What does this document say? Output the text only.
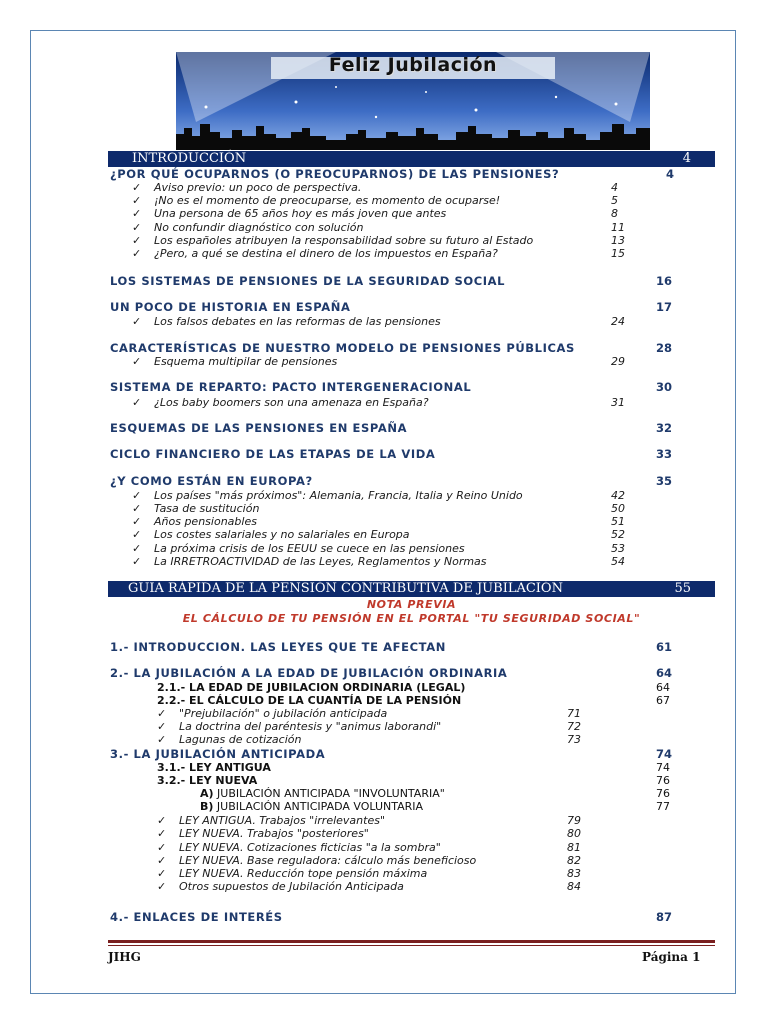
Feliz Jubilación
INTRODUCCIÓN	4
¿POR QUÉ OCUPARNOS (O PREOCUPARNOS) DE LAS PENSIONES?	4
✓ Aviso previo: un poco de perspectiva.	4
✓ ¡No es el momento de preocuparse, es momento de ocuparse!	5
✓ Una persona de 65 años hoy es más joven que antes	8
✓ No confundir diagnóstico con solución	11
✓ Los españoles atribuyen la responsabilidad sobre su futuro al Estado	13
✓ ¿Pero, a qué se destina el dinero de los impuestos en España?	15
LOS SISTEMAS DE PENSIONES DE LA SEGURIDAD SOCIAL	16
UN POCO DE HISTORIA EN ESPAÑA	17
✓ Los falsos debates en las reformas de las pensiones	24
CARACTERÍSTICAS DE NUESTRO MODELO DE PENSIONES PÚBLICAS	28
✓ Esquema multipilar de pensiones	29
SISTEMA DE REPARTO: PACTO INTERGENERACIONAL	30
✓ ¿Los baby boomers son una amenaza en España?	31
ESQUEMAS DE LAS PENSIONES EN ESPAÑA	32
CICLO FINANCIERO DE LAS ETAPAS DE LA VIDA	33
¿Y COMO ESTÁN EN EUROPA?	35
✓ Los países "más próximos": Alemania, Francia, Italia y Reino Unido	42
✓ Tasa de sustitución	50
✓ Años pensionables	51
✓ Los costes salariales y no salariales en Europa	52
✓ La próxima crisis de los EEUU se cuece en las pensiones	53
✓ La IRRETROACTIVIDAD de las Leyes, Reglamentos y Normas	54
GUIA RÁPIDA DE LA PENSIÓN CONTRIBUTIVA DE JUBILACIÓN	55
NOTA PREVIA
EL CÁLCULO DE TU PENSIÓN EN EL PORTAL "TU SEGURIDAD SOCIAL"
1.- INTRODUCCION. LAS LEYES QUE TE AFECTAN	61
2.- LA JUBILACIÓN A LA EDAD DE JUBILACIÓN ORDINARIA	64
2.1.- LA EDAD DE JUBILACION ORDINARIA (LEGAL)	64
2.2.- EL CÁLCULO DE LA CUANTÍA DE LA PENSIÓN	67
✓ "Prejubilación" o jubilación anticipada	71
✓ La doctrina del paréntesis y "animus laborandi"	72
✓ Lagunas de cotización	73
3.- LA JUBILACIÓN ANTICIPADA	74
3.1.- LEY ANTIGUA	74
3.2.- LEY NUEVA	76
A) JUBILACIÓN ANTICIPADA "INVOLUNTARIA"	76
B) JUBILACIÓN ANTICIPADA VOLUNTARIA	77
✓ LEY ANTIGUA. Trabajos "irrelevantes"	79
✓ LEY NUEVA. Trabajos "posteriores"	80
✓ LEY NUEVA. Cotizaciones ficticias "a la sombra"	81
✓ LEY NUEVA. Base reguladora: cálculo más beneficioso	82
✓ LEY NUEVA. Reducción tope pensión máxima	83
✓ Otros supuestos de Jubilación Anticipada	84
4.- ENLACES DE INTERÉS	87
JIHG	Página 1
